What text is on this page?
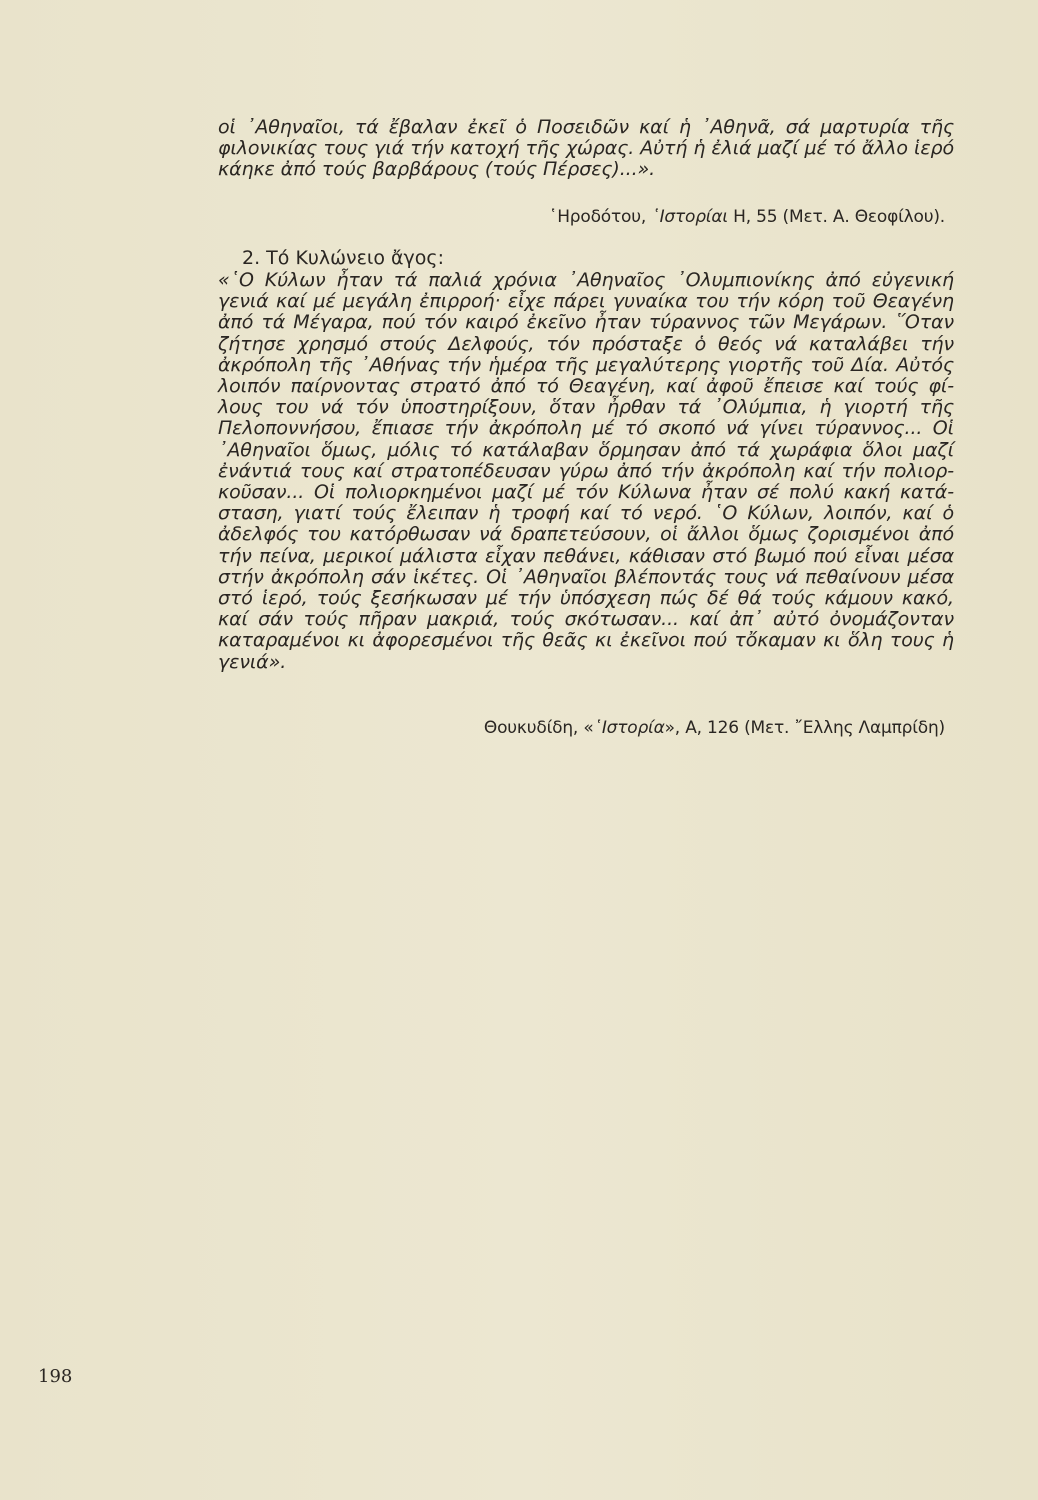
οἱ ᾿Αθηναῖοι, τά ἔβαλαν ἐκεῖ ὁ Ποσειδῶν καί ἡ ᾿Αθηνᾶ, σά μαρτυρία τῆς
φιλονικίας τους γιά τήν κατοχή τῆς χώρας. Αὐτή ἡ ἐλιά μαζί μέ τό ἄλλο ἱερό
κάηκε ἀπό τούς βαρβάρους (τούς Πέρσες)...».
῾Ηροδότου, ῾Ιστορίαι Η, 55 (Μετ. Α. Θεοφίλου).
2. Τό Κυλώνειο ἄγος:
«῾Ο Κύλων ἦταν τά παλιά χρόνια ᾿Αθηναῖος ᾿Ολυμπιονίκης ἀπό εὐγενική
γενιά καί μέ μεγάλη ἐπιρροή· εἶχε πάρει γυναίκα του τήν κόρη τοῦ Θεαγένη
ἀπό τά Μέγαρα, πού τόν καιρό ἐκεῖνο ἦταν τύραννος τῶν Μεγάρων. ῞Οταν
ζήτησε χρησμό στούς Δελφούς, τόν πρόσταξε ὁ θεός νά καταλάβει τήν
ἀκρόπολη τῆς ᾿Αθήνας τήν ἡμέρα τῆς μεγαλύτερης γιορτῆς τοῦ Δία. Αὐτός
λοιπόν παίρνοντας στρατό ἀπό τό Θεαγένη, καί ἀφοῦ ἔπεισε καί τούς φί-
λους του νά τόν ὑποστηρίξουν, ὅταν ἦρθαν τά ᾿Ολύμπια, ἡ γιορτή τῆς
Πελοποννήσου, ἔπιασε τήν ἀκρόπολη μέ τό σκοπό νά γίνει τύραννος... Οἱ
᾿Αθηναῖοι ὅμως, μόλις τό κατάλαβαν ὅρμησαν ἀπό τά χωράφια ὅλοι μαζί
ἐνάντιά τους καί στρατοπέδευσαν γύρω ἀπό τήν ἀκρόπολη καί τήν πολιορ-
κοῦσαν... Οἱ πολιορκημένοι μαζί μέ τόν Κύλωνα ἦταν σέ πολύ κακή κατά-
σταση, γιατί τούς ἔλειπαν ἡ τροφή καί τό νερό. ῾Ο Κύλων, λοιπόν, καί ὁ
ἀδελφός του κατόρθωσαν νά δραπετεύσουν, οἱ ἄλλοι ὅμως ζορισμένοι ἀπό
τήν πείνα, μερικοί μάλιστα εἶχαν πεθάνει, κάθισαν στό βωμό πού εἶναι μέσα
στήν ἀκρόπολη σάν ἱκέτες. Οἱ ᾿Αθηναῖοι βλέποντάς τους νά πεθαίνουν μέσα
στό ἱερό, τούς ξεσήκωσαν μέ τήν ὑπόσχεση πώς δέ θά τούς κάμουν κακό,
καί σάν τούς πῆραν μακριά, τούς σκότωσαν... καί ἀπ᾿ αὐτό ὀνομάζονταν
καταραμένοι κι ἀφορεσμένοι τῆς θεᾶς κι ἐκεῖνοι πού τὄκαμαν κι ὅλη τους ἡ
γενιά».
Θουκυδίδη, «῾Ιστορία», Α, 126 (Μετ. ῎Ελλης Λαμπρίδη)
198
